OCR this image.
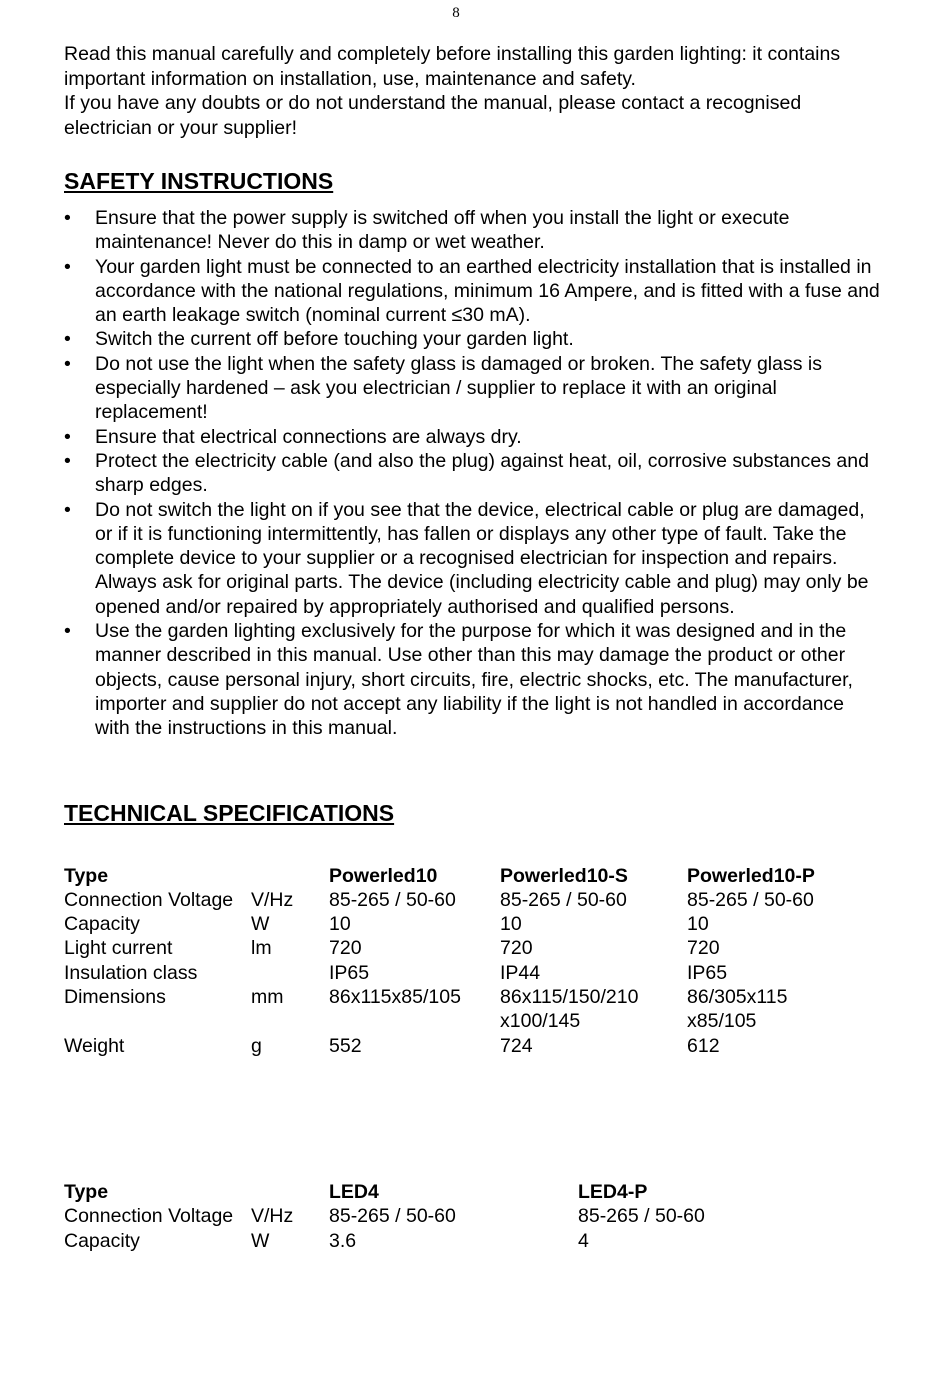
8

Read this manual carefully and completely before installing this garden lighting: it contains important information on installation, use, maintenance and safety.

If you have any doubts or do not understand the manual, please contact a recognised electrician or your supplier!

SAFETY INSTRUCTIONS
• Ensure that the power supply is switched off when you install the light or execute maintenance! Never do this in damp or wet weather.
• Your garden light must be connected to an earthed electricity installation that is installed in accordance with the national regulations, minimum 16 Ampere, and is fitted with a fuse and an earth leakage switch (nominal current ≤30 mA).
• Switch the current off before touching your garden light.
• Do not use the light when the safety glass is damaged or broken. The safety glass is especially hardened – ask you electrician / supplier to replace it with an original replacement!
• Ensure that electrical connections are always dry.
• Protect the electricity cable (and also the plug) against heat, oil, corrosive substances and sharp edges.
• Do not switch the light on if you see that the device, electrical cable or plug are damaged, or if it is functioning intermittently, has fallen or displays any other type of fault. Take the complete device to your supplier or a recognised electrician for inspection and repairs. Always ask for original parts. The device (including electricity cable and plug) may only be opened and/or repaired by appropriately authorised and qualified persons.
• Use the garden lighting exclusively for the purpose for which it was designed and in the manner described in this manual. Use other than this may damage the product or other objects, cause personal injury, short circuits, fire, electric shocks, etc. The manufacturer, importer and supplier do not accept any liability if the light is not handled in accordance with the instructions in this manual.
TECHNICAL SPECIFICATIONS
Type		Powerled10	Powerled10-S	Powerled10-P
Connection Voltage	V/Hz	85-265 / 50-60	85-265 / 50-60	85-265 / 50-60
Capacity	W	10	10	10
Light current	lm	720	720	720
Insulation class		IP65	IP44	IP65
Dimensions	mm	86x115x85/105	86x115/150/210	86/305x115
			x100/145	x85/105
Weight	g	552	724	612
Type		LED4	LED4-P
Connection Voltage	V/Hz	85-265 / 50-60	85-265 / 50-60
Capacity	W	3.6	4
